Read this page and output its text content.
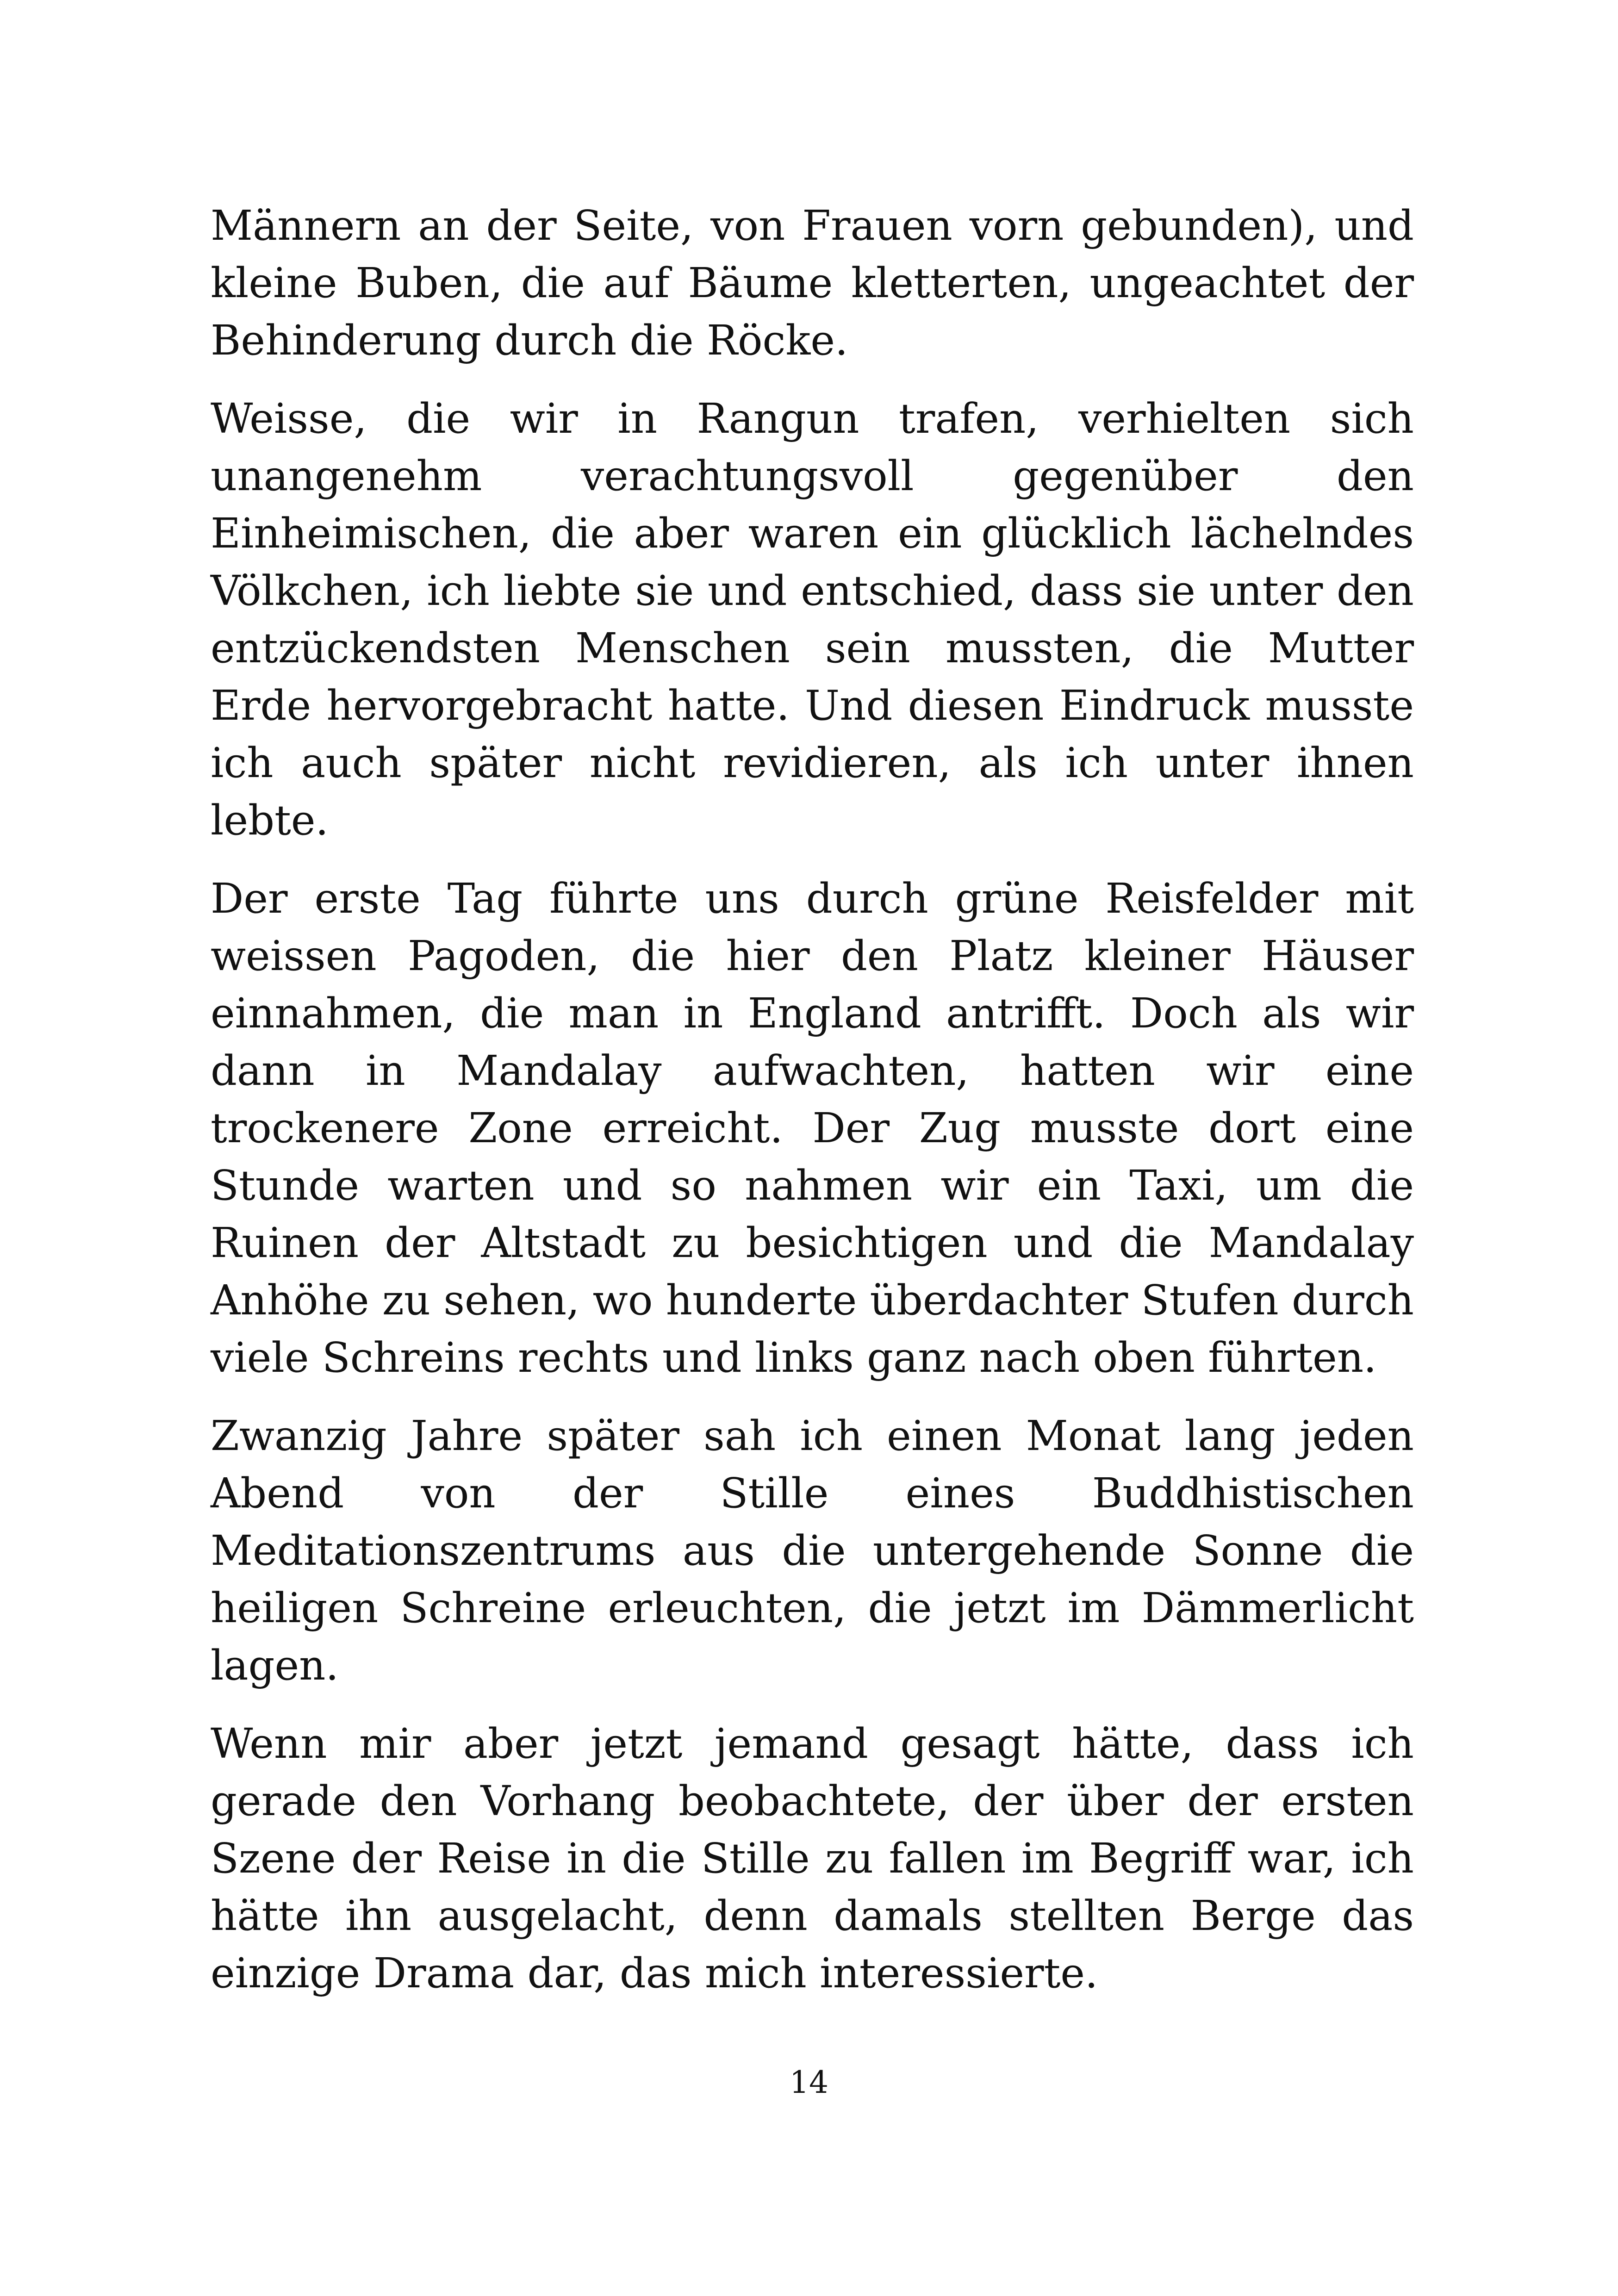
Männern an der Seite, von Frauen vorn gebunden), und kleine Buben, die auf Bäume kletterten, ungeachtet der Behinderung durch die Röcke.

Weisse, die wir in Rangun trafen, verhielten sich unangenehm verachtungsvoll gegenüber den Einheimischen, die aber waren ein glücklich lächelndes Völkchen, ich liebte sie und entschied, dass sie unter den entzückendsten Menschen sein mussten, die Mutter Erde hervorgebracht hatte. Und diesen Eindruck musste ich auch später nicht revidieren, als ich unter ihnen lebte.

Der erste Tag führte uns durch grüne Reisfelder mit weissen Pagoden, die hier den Platz kleiner Häuser einnahmen, die man in England antrifft. Doch als wir dann in Mandalay aufwachten, hatten wir eine trockenere Zone erreicht. Der Zug musste dort eine Stunde warten und so nahmen wir ein Taxi, um die Ruinen der Altstadt zu besichtigen und die Mandalay Anhöhe zu sehen, wo hunderte überdachter Stufen durch viele Schreins rechts und links ganz nach oben führten.

Zwanzig Jahre später sah ich einen Monat lang jeden Abend von der Stille eines Buddhistischen Meditationszentrums aus die untergehende Sonne die heiligen Schreine erleuchten, die jetzt im Dämmerlicht lagen.

Wenn mir aber jetzt jemand gesagt hätte, dass ich gerade den Vorhang beobachtete, der über der ersten Szene der Reise in die Stille zu fallen im Begriff war, ich hätte ihn ausgelacht, denn damals stellten Berge das einzige Drama dar, das mich interessierte.

14
